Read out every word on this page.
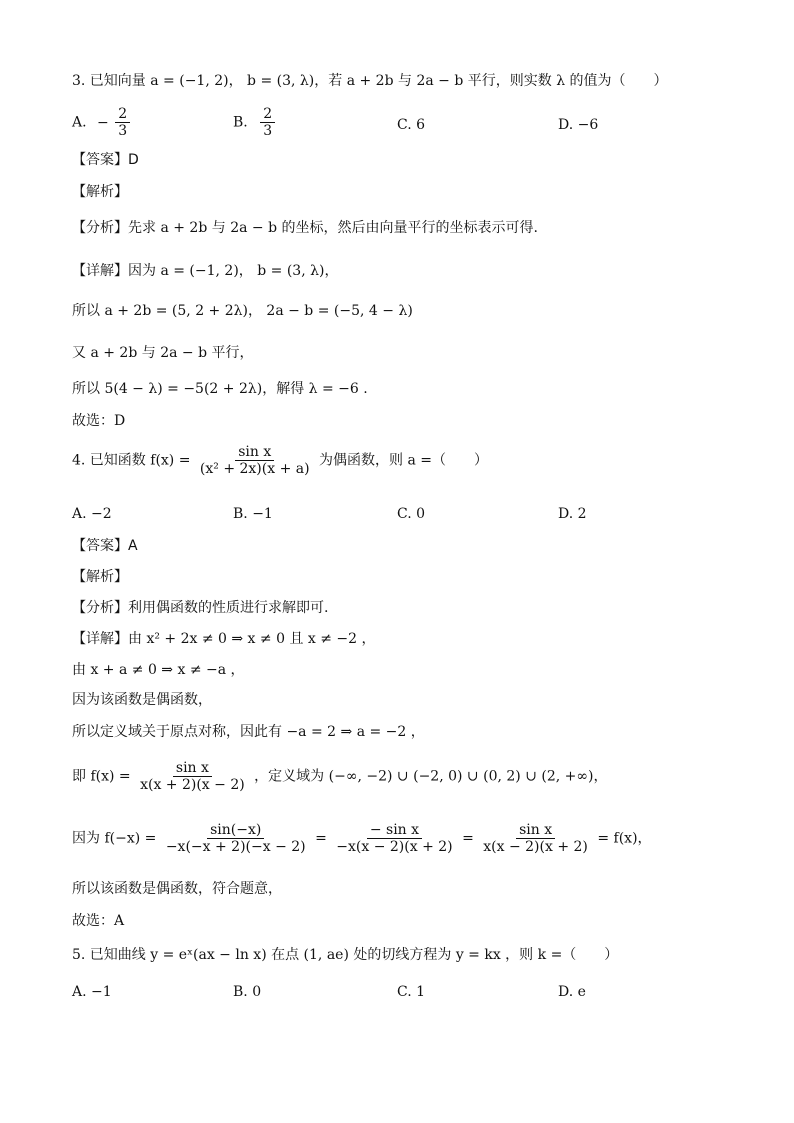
3. 已知向量 a = (−1, 2)， b = (3, λ)，若 a + 2b 与 2a − b 平行，则实数 λ 的值为（　　）
A. − $\frac{2}{3}$	B. $\frac{2}{3}$	C. 6	D. −6
【答案】D
【解析】
【分析】先求 a + 2b 与 2a − b 的坐标，然后由向量平行的坐标表示可得.
【详解】因为 a = (−1, 2)， b = (3, λ)，
所以 a + 2b = (5, 2 + 2λ)， 2a − b = (−5, 4 − λ)
又 a + 2b 与 2a − b 平行，
所以 5(4 − λ) = −5(2 + 2λ)，解得 λ = −6 .
故选：D
4. 已知函数 $f(x) = \frac{\text{sin x}}{\text{(x² + 2x)(x + a)}}$ 为偶函数，则 a =（　　）
A. −2	B. −1	C. 0	D. 2
【答案】A
【解析】
【分析】利用偶函数的性质进行求解即可.
【详解】由 x² + 2x ≠ 0 ⇒ x ≠ 0 且 x ≠ −2 ，
由 x + a ≠ 0 ⇒ x ≠ −a ，
因为该函数是偶函数，
所以定义域关于原点对称，因此有 −a = 2 ⇒ a = −2 ，
即 $f(x) = \frac{\text{sin x}}{x(x + 2)(x - 2)}$ ，定义域为 (−∞, −2) ∪ (−2, 0) ∪ (0, 2) ∪ (2, +∞)，
因为 $f(-x) = \frac{\sin(-x)}{-x(-x + 2)(-x - 2)} = \frac{\text{− sin x}}{-x(x - 2)(x + 2)} = \frac{\text{sin x}}{x(x - 2)(x + 2)} = f(x)$，
所以该函数是偶函数，符合题意，
故选：A
5. 已知曲线 y = eˣ(ax − ln x) 在点 (1, ae) 处的切线方程为 y = kx ，则 k =（　　）
A. −1	B. 0	C. 1	D. e
